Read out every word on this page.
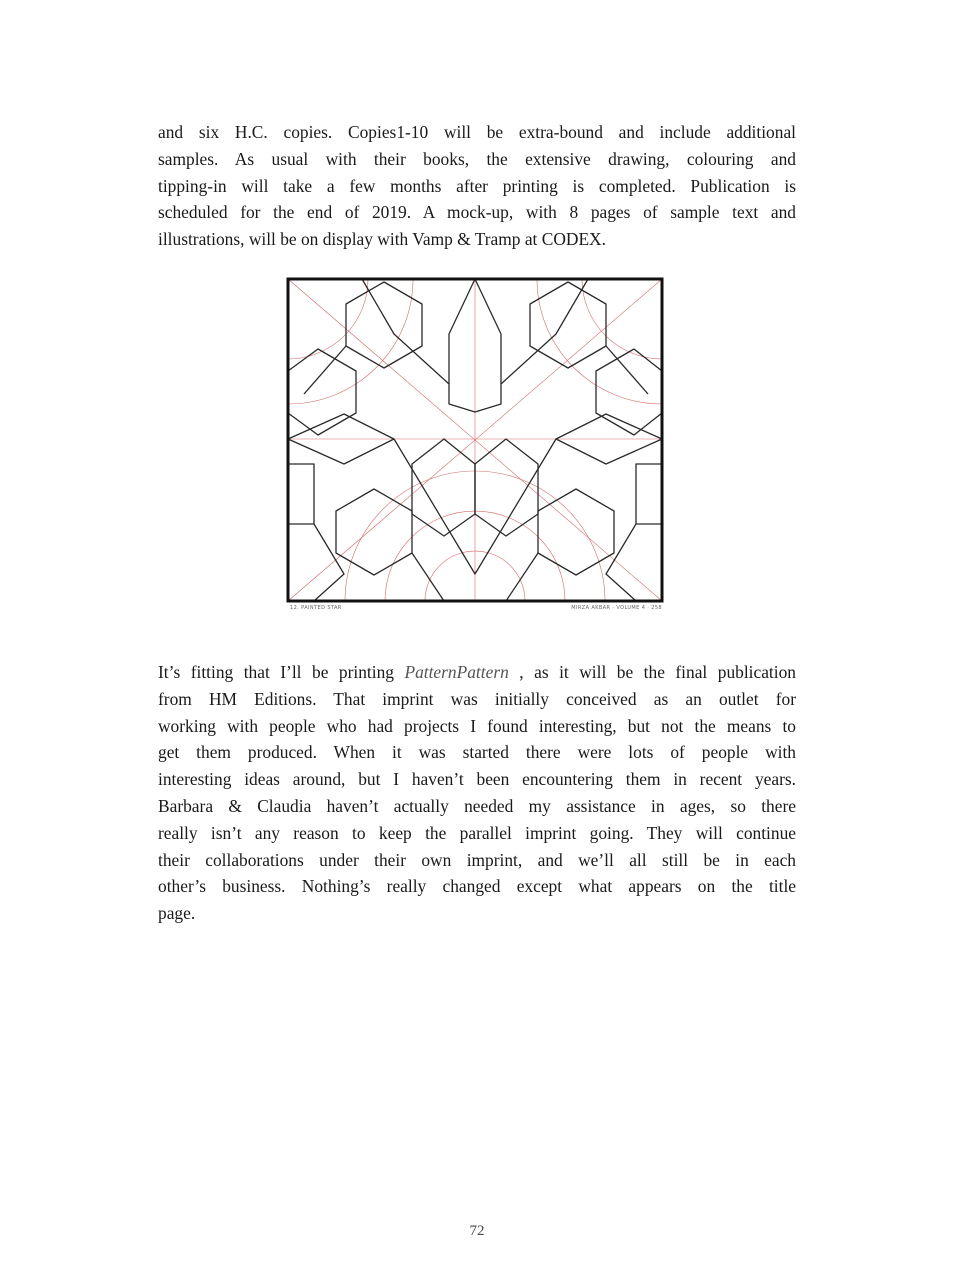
and six H.C. copies. Copies1-10 will be extra-bound and include additional
samples. As usual with their books, the extensive drawing, colouring and
tipping-in will take a few months after printing is completed. Publication is
scheduled for the end of 2019. A mock-up, with 8 pages of sample text and
illustrations, will be on display with Vamp & Tramp at CODEX.

12. PAINTED STAR	MIRZA AKBAR · VOLUME 4 · 258

It’s fitting that I’ll be printing PatternPattern , as it will be the final publication
from HM Editions. That imprint was initially conceived as an outlet for
working with people who had projects I found interesting, but not the means to
get them produced. When it was started there were lots of people with
interesting ideas around, but I haven’t been encountering them in recent years.
Barbara & Claudia haven’t actually needed my assistance in ages, so there
really isn’t any reason to keep the parallel imprint going. They will continue
their collaborations under their own imprint, and we’ll all still be in each
other’s business. Nothing’s really changed except what appears on the title
page.

72
